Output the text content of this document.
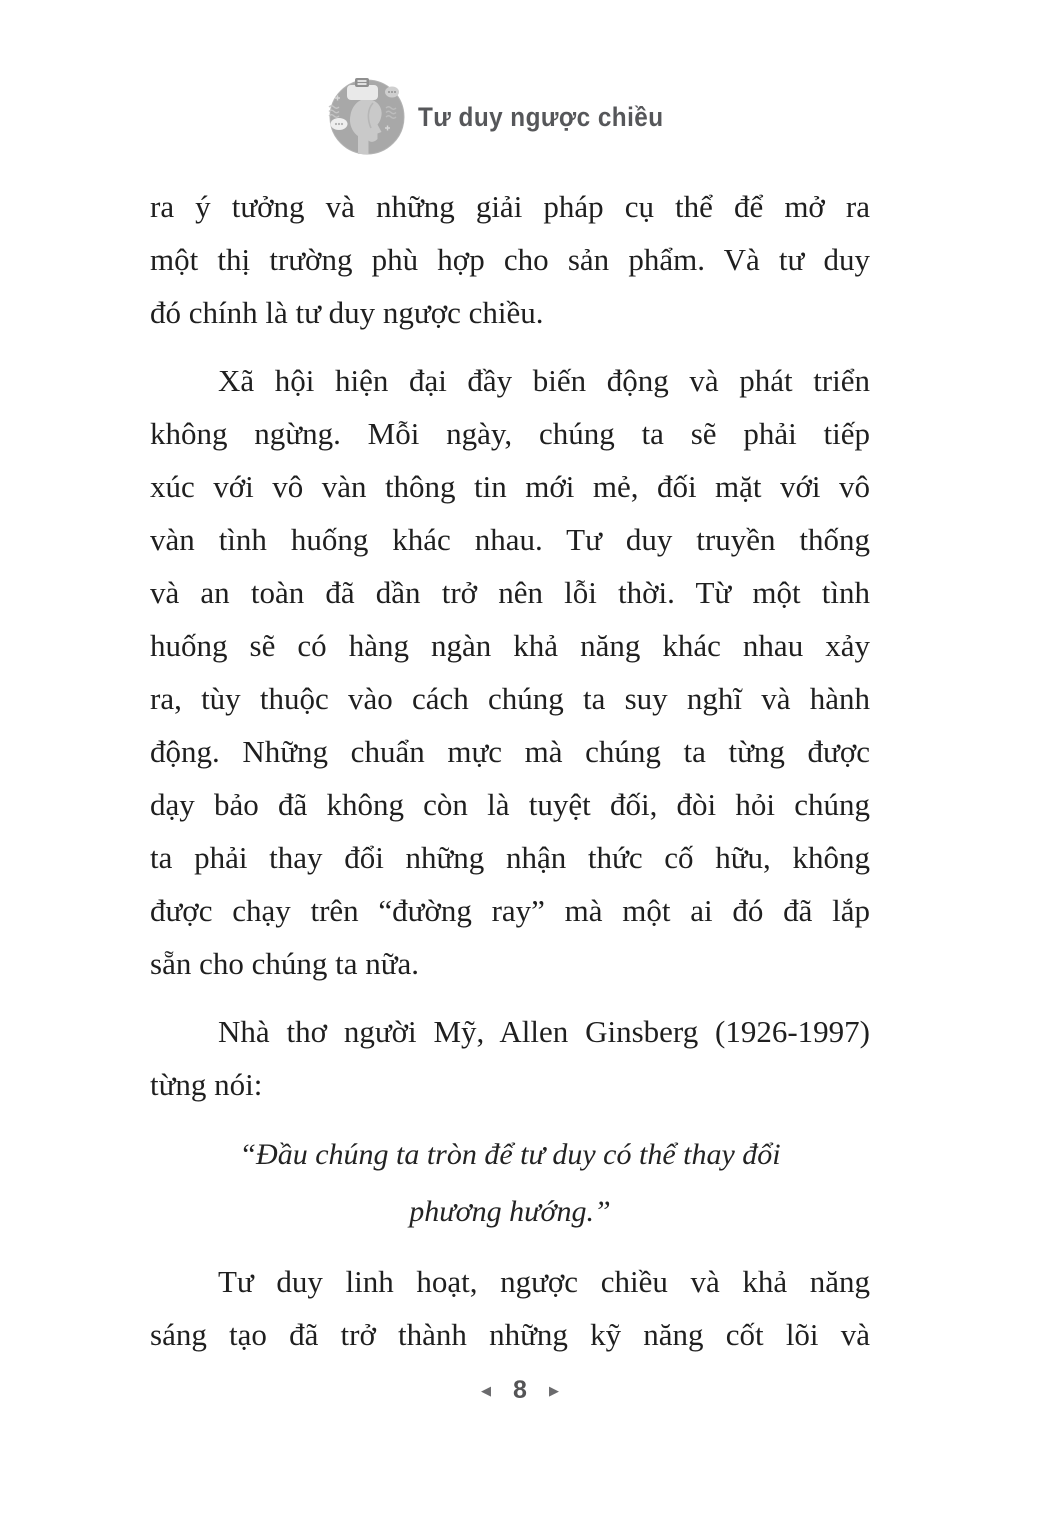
Tư duy ngược chiều
ra ý tưởng và những giải pháp cụ thể để mở ra
một thị trường phù hợp cho sản phẩm. Và tư duy
đó chính là tư duy ngược chiều.
Xã hội hiện đại đầy biến động và phát triển
không ngừng. Mỗi ngày, chúng ta sẽ phải tiếp
xúc với vô vàn thông tin mới mẻ, đối mặt với vô
vàn tình huống khác nhau. Tư duy truyền thống
và an toàn đã dần trở nên lỗi thời. Từ một tình
huống sẽ có hàng ngàn khả năng khác nhau xảy
ra, tùy thuộc vào cách chúng ta suy nghĩ và hành
động. Những chuẩn mực mà chúng ta từng được
dạy bảo đã không còn là tuyệt đối, đòi hỏi chúng
ta phải thay đổi những nhận thức cố hữu, không
được chạy trên “đường ray” mà một ai đó đã lắp
sẵn cho chúng ta nữa.
Nhà thơ người Mỹ, Allen Ginsberg (1926-1997)
từng nói:
“Đầu chúng ta tròn để tư duy có thể thay đổi
phương hướng.”
Tư duy linh hoạt, ngược chiều và khả năng
sáng tạo đã trở thành những kỹ năng cốt lõi và
◀ 8 ▶
